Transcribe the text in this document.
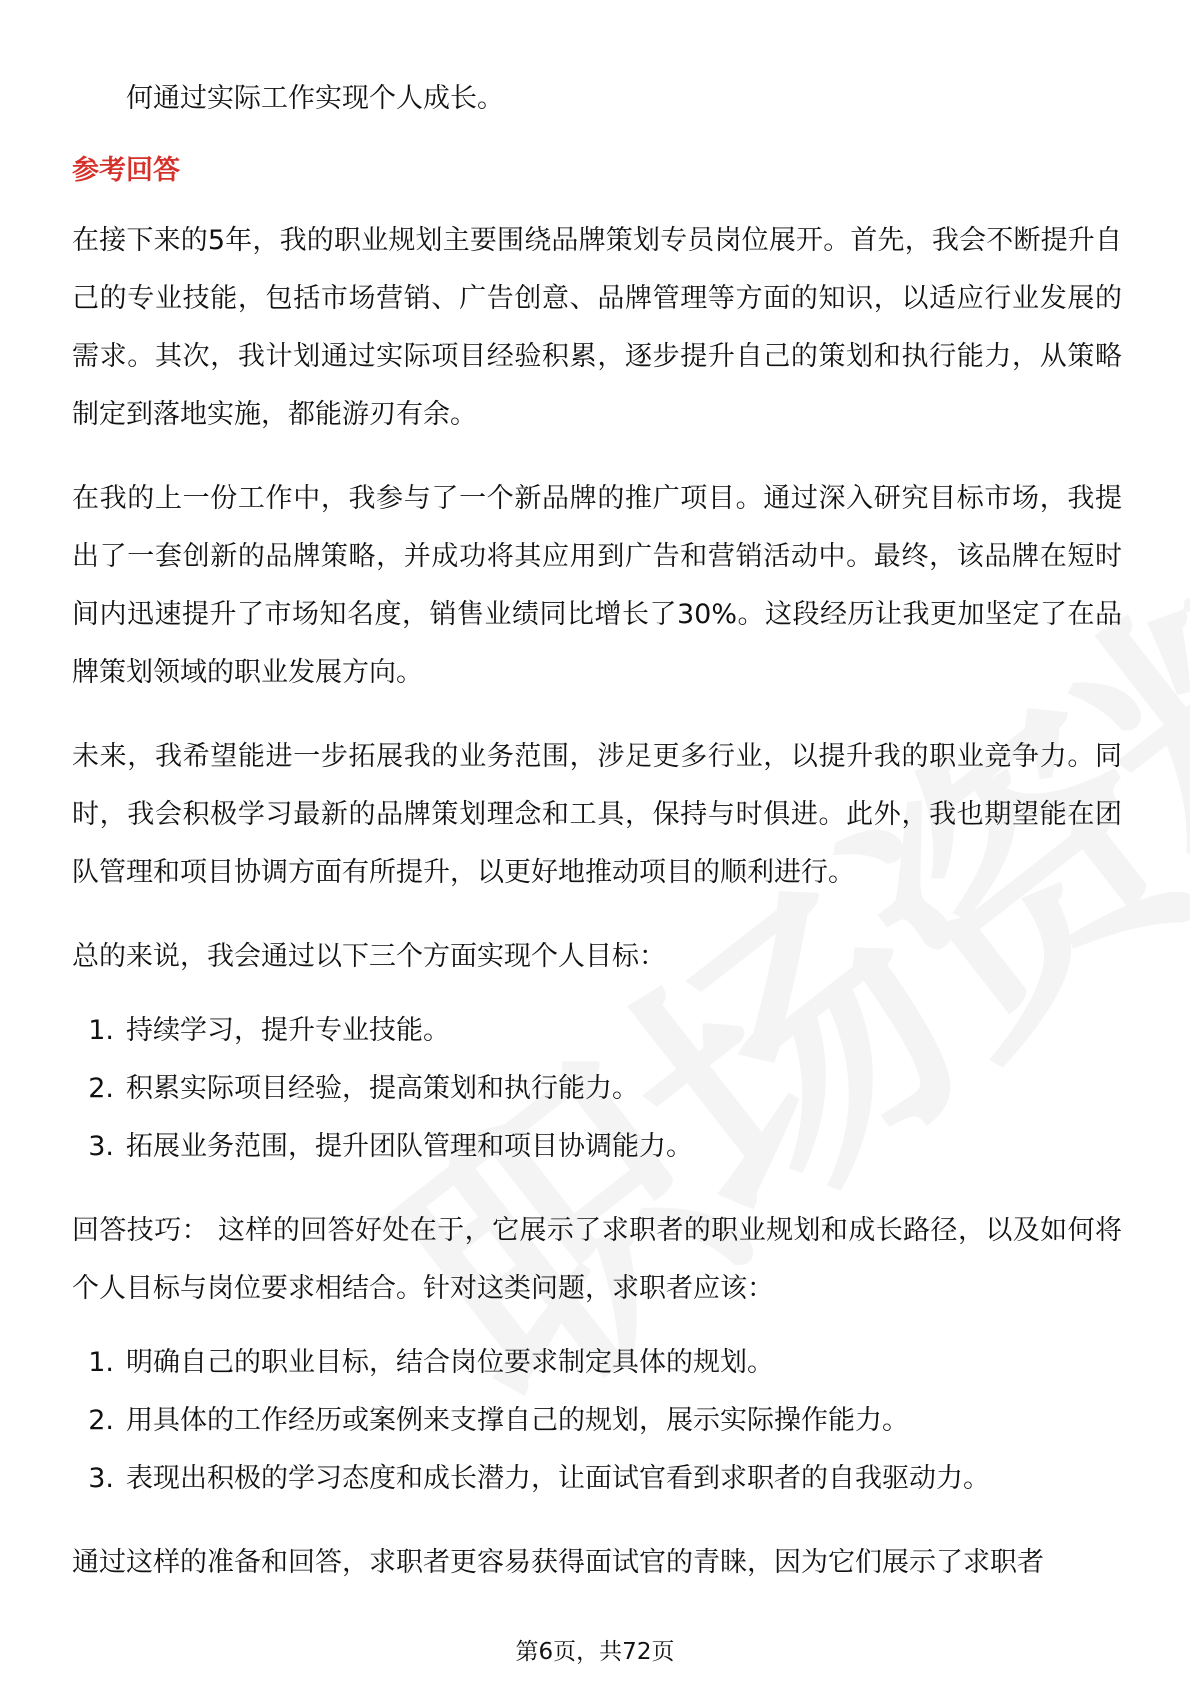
何通过实际工作实现个人成长。

参考回答

在接下来的5年，我的职业规划主要围绕品牌策划专员岗位展开。首先，我会不断提升自己的专业技能，包括市场营销、广告创意、品牌管理等方面的知识，以适应行业发展的需求。其次，我计划通过实际项目经验积累，逐步提升自己的策划和执行能力，从策略制定到落地实施，都能游刃有余。

在我的上一份工作中，我参与了一个新品牌的推广项目。通过深入研究目标市场，我提出了一套创新的品牌策略，并成功将其应用到广告和营销活动中。最终，该品牌在短时间内迅速提升了市场知名度，销售业绩同比增长了30%。这段经历让我更加坚定了在品牌策划领域的职业发展方向。

未来，我希望能进一步拓展我的业务范围，涉足更多行业，以提升我的职业竞争力。同时，我会积极学习最新的品牌策划理念和工具，保持与时俱进。此外，我也期望能在团队管理和项目协调方面有所提升，以更好地推动项目的顺利进行。

总的来说，我会通过以下三个方面实现个人目标：

1. 持续学习，提升专业技能。
2. 积累实际项目经验，提高策划和执行能力。
3. 拓展业务范围，提升团队管理和项目协调能力。

回答技巧： 这样的回答好处在于，它展示了求职者的职业规划和成长路径，以及如何将个人目标与岗位要求相结合。针对这类问题，求职者应该：

1. 明确自己的职业目标，结合岗位要求制定具体的规划。
2. 用具体的工作经历或案例来支撑自己的规划，展示实际操作能力。
3. 表现出积极的学习态度和成长潜力，让面试官看到求职者的自我驱动力。

通过这样的准备和回答，求职者更容易获得面试官的青睐，因为它们展示了求职者

第6页，共72页
